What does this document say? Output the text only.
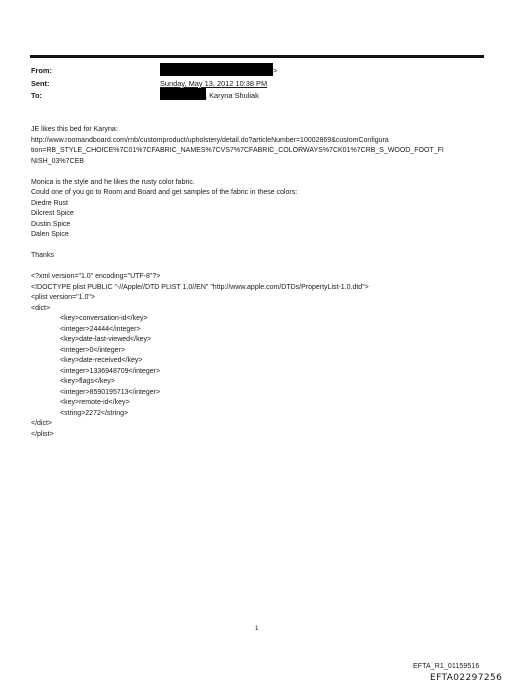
From:
Sent:
To:
>
Sunday, May 13, 2012 10:38 PM
; Karyna Shuliak

JE likes this bed for Karyna:

http://www.roomandboard.com/rnb/customproduct/upholstery/detail.do?articleNumber=10002869&customConfigura

tion=RB_STYLE_CHOICE%7C01%7CFABRIC_NAMES%7CVS7%7CFABRIC_COLORWAYS%7CK01%7CRB_S_WOOD_FOOT_FI

NISH_03%7CEB

Monica is the style and he likes the rusty color fabric.

Could one of you go to Room and Board and get samples of the fabric in these colors:

Diedre Rust

Dilcrest Spice

Dustin Spice

Dalen Spice

Thanks

<?xml version="1.0" encoding="UTF-8"?>

<!DOCTYPE plist PUBLIC "-//Apple//DTD PLIST 1.0//EN" "http://www.apple.com/DTDs/PropertyList-1.0.dtd">

<plist version="1.0">

<dict>

<key>conversation-id</key>

<integer>24444</integer>

<key>date-last-viewed</key>

<integer>0</integer>

<key>date-received</key>

<integer>1336948709</integer>

<key>flags</key>

<integer>8590195713</integer>

<key>remote-id</key>

<string>2272</string>

</dict>

</plist>

1
EFTA_R1_01159516
EFTA02297256
